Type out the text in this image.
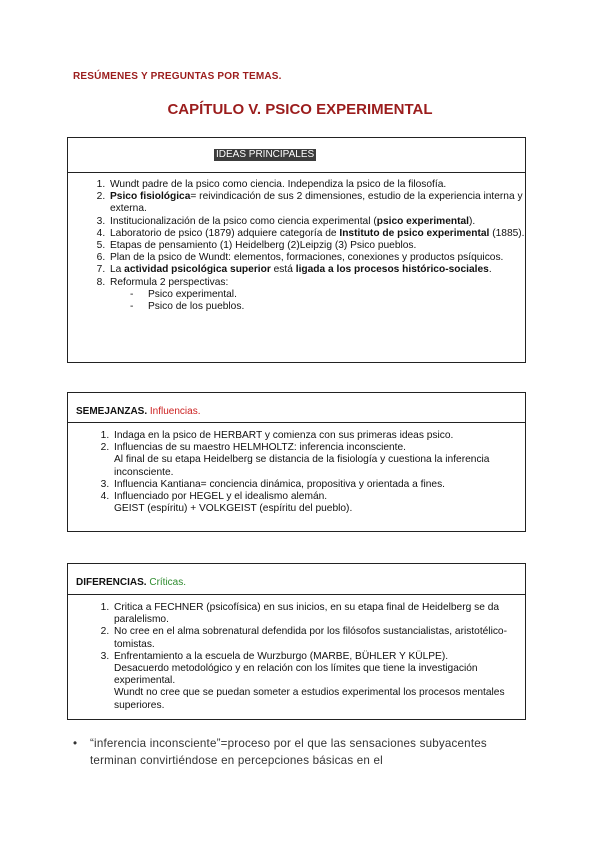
RESÚMENES Y PREGUNTAS POR TEMAS.
CAPÍTULO V. PSICO EXPERIMENTAL
IDEAS PRINCIPALES
1. Wundt padre de la psico como ciencia. Independiza la psico de la filosofía.
2. Psico fisiológica= reivindicación de sus 2 dimensiones, estudio de la experiencia interna y externa.
3. Institucionalización de la psico como ciencia experimental (psico experimental).
4. Laboratorio de psico (1879) adquiere categoría de Instituto de psico experimental (1885).
5. Etapas de pensamiento (1) Heidelberg (2)Leipzig (3) Psico pueblos.
6. Plan de la psico de Wundt: elementos, formaciones, conexiones y productos psíquicos.
7. La actividad psicológica superior está ligada a los procesos histórico-sociales.
8. Reformula 2 perspectivas:
- Psico experimental.
- Psico de los pueblos.
SEMEJANZAS. Influencias.
1. Indaga en la psico de HERBART y comienza con sus primeras ideas psico.
2. Influencias de su maestro HELMHOLTZ: inferencia inconsciente.
Al final de su etapa Heidelberg se distancia de la fisiología y cuestiona la inferencia inconsciente.
3. Influencia Kantiana= conciencia dinámica, propositiva y orientada a fines.
4. Influenciado por HEGEL y el idealismo alemán.
GEIST (espíritu) + VOLKGEIST (espíritu del pueblo).
DIFERENCIAS. Críticas.
1. Critica a FECHNER (psicofísica) en sus inicios, en su etapa final de Heidelberg se da paralelismo.
2. No cree en el alma sobrenatural defendida por los filósofos sustancialistas, aristotélico-tomistas.
3. Enfrentamiento a la escuela de Wurzburgo (MARBE, BÜHLER Y KÜLPE).
Desacuerdo metodológico y en relación con los límites que tiene la investigación experimental.
Wundt no cree que se puedan someter a estudios experimental los procesos mentales superiores.
• “inferencia inconsciente”=proceso por el que las sensaciones subyacentes terminan convirtiéndose en percepciones básicas en el
